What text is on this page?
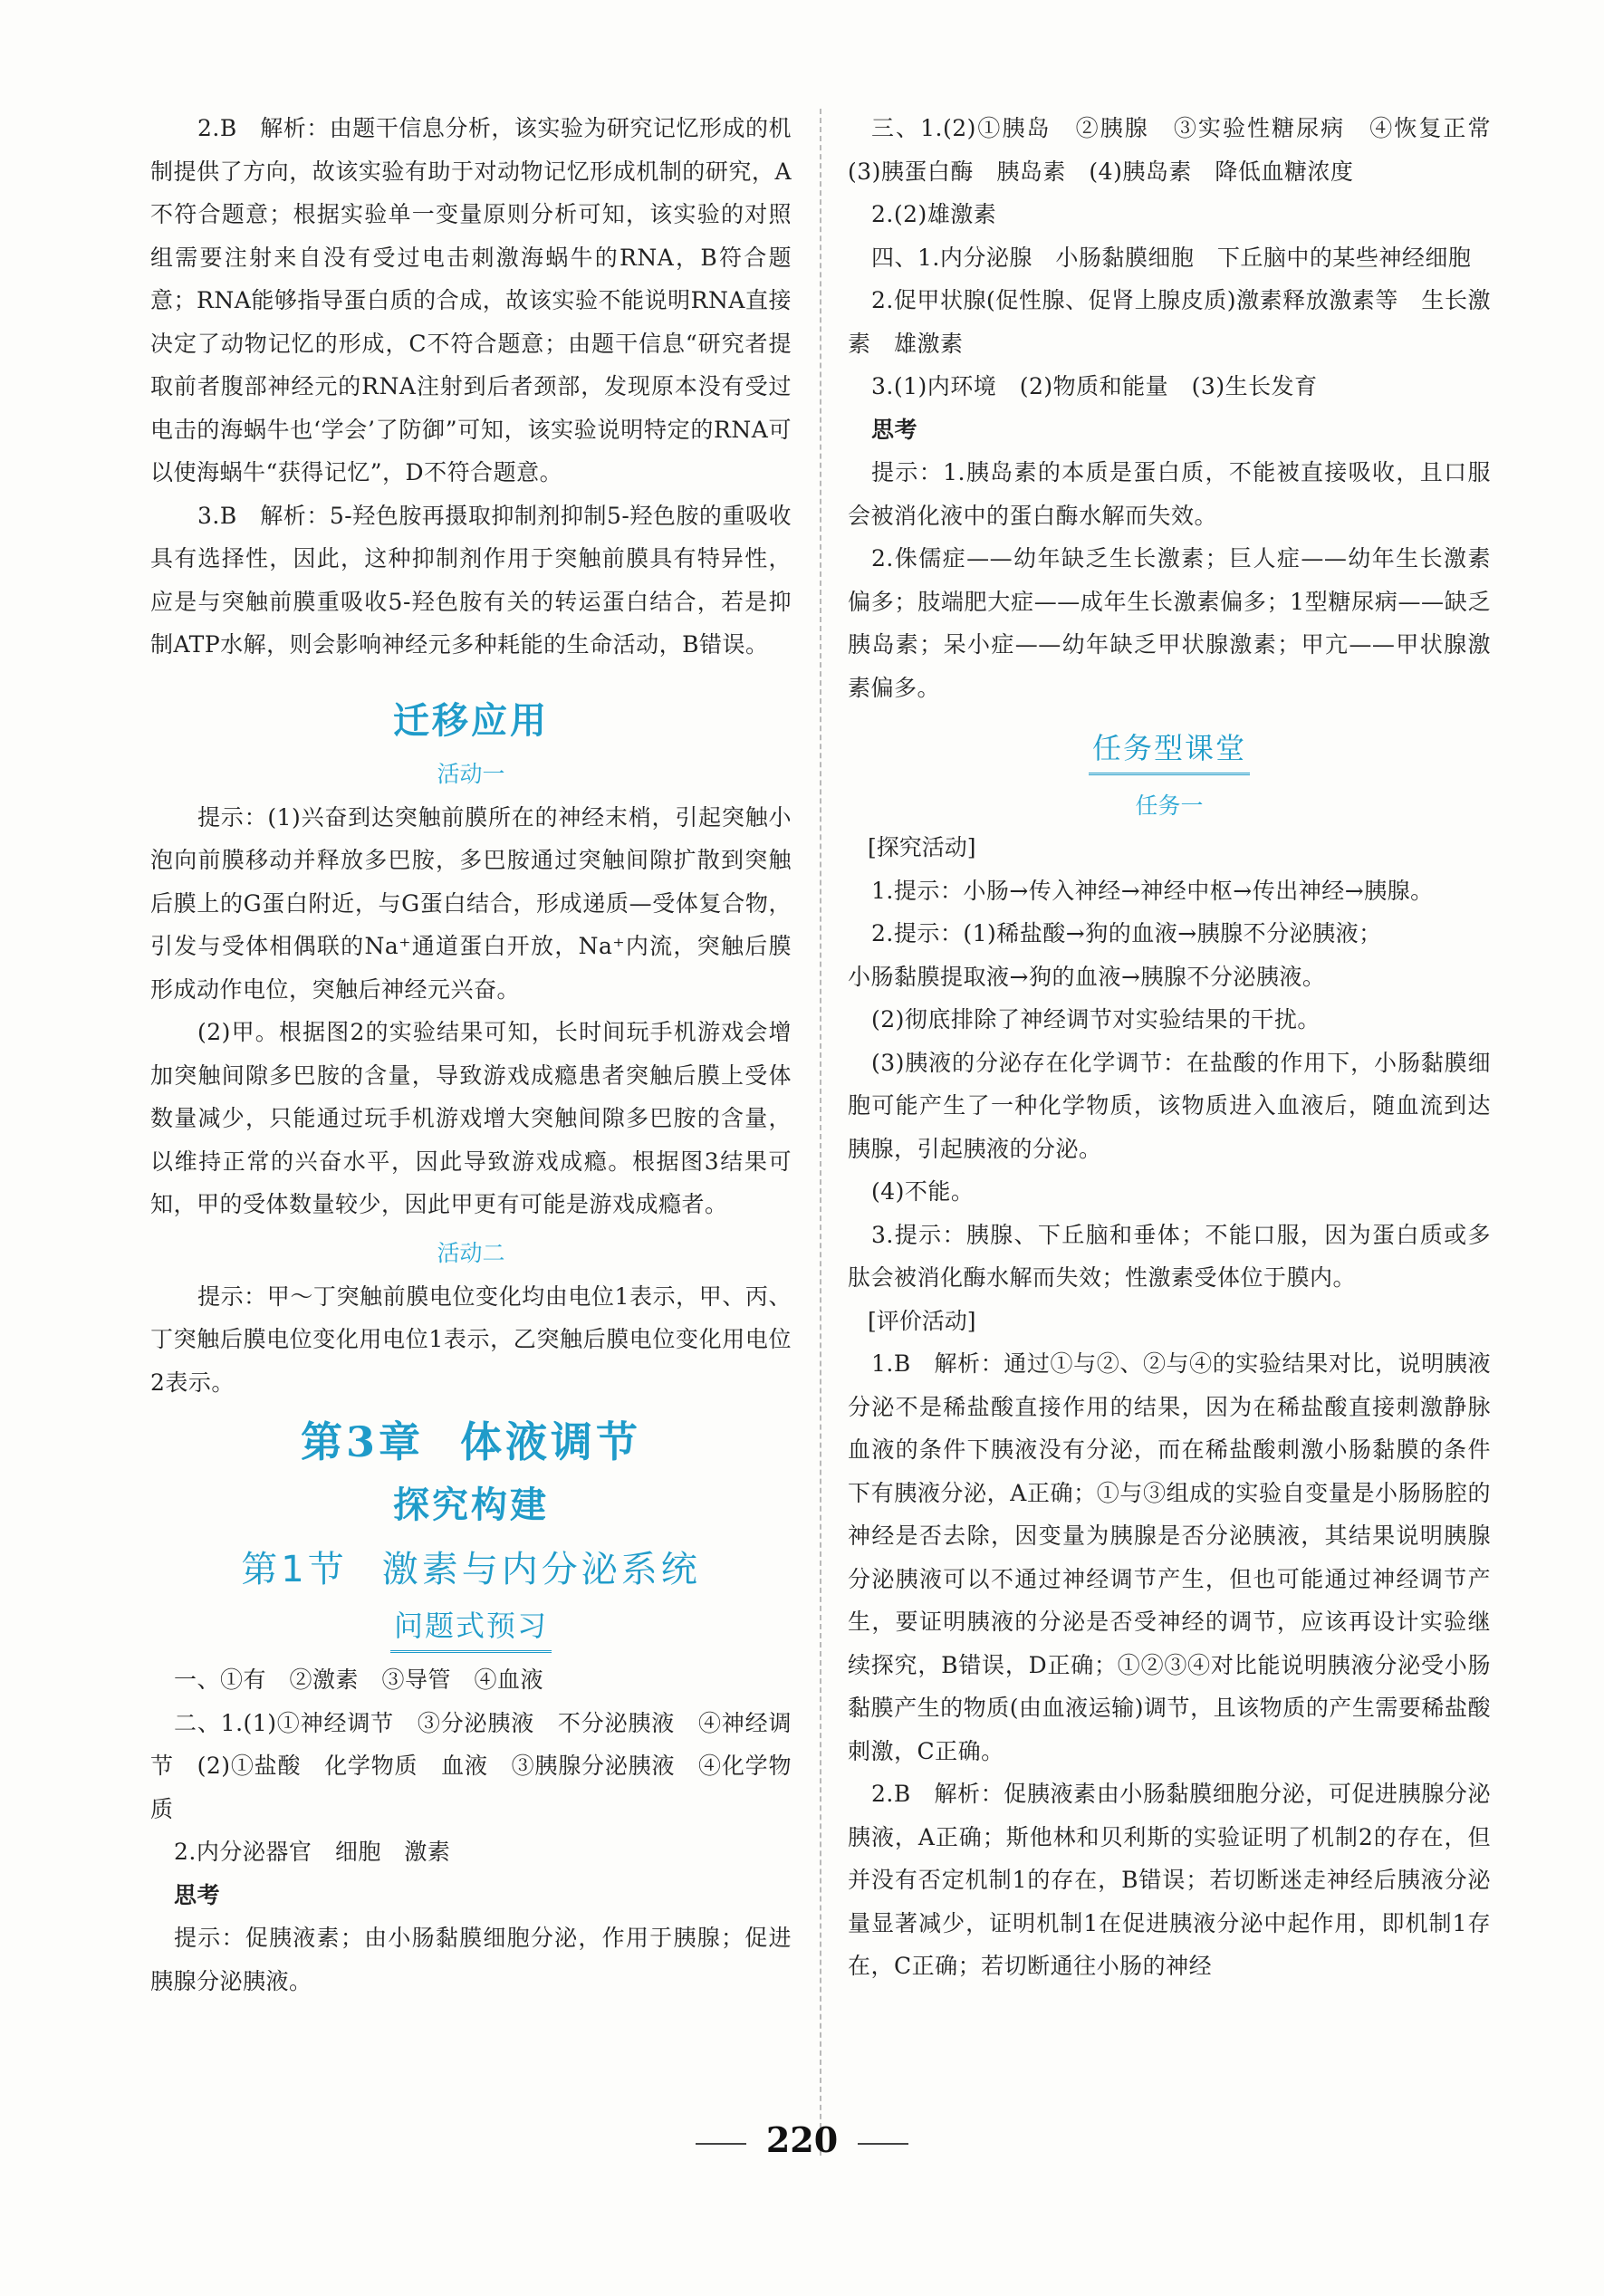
2.B　解析：由题干信息分析，该实验为研究记忆形成的机制提供了方向，故该实验有助于对动物记忆形成机制的研究，A不符合题意；根据实验单一变量原则分析可知，该实验的对照组需要注射来自没有受过电击刺激海蜗牛的RNA，B符合题意；RNA能够指导蛋白质的合成，故该实验不能说明RNA直接决定了动物记忆的形成，C不符合题意；由题干信息“研究者提取前者腹部神经元的RNA注射到后者颈部，发现原本没有受过电击的海蜗牛也‘学会’了防御”可知，该实验说明特定的RNA可以使海蜗牛“获得记忆”，D不符合题意。

3.B　解析：5-羟色胺再摄取抑制剂抑制5-羟色胺的重吸收具有选择性，因此，这种抑制剂作用于突触前膜具有特异性，应是与突触前膜重吸收5-羟色胺有关的转运蛋白结合，若是抑制ATP水解，则会影响神经元多种耗能的生命活动，B错误。

迁移应用

活动一

提示：(1)兴奋到达突触前膜所在的神经末梢，引起突触小泡向前膜移动并释放多巴胺，多巴胺通过突触间隙扩散到突触后膜上的G蛋白附近，与G蛋白结合，形成递质—受体复合物，引发与受体相偶联的Na⁺通道蛋白开放，Na⁺内流，突触后膜形成动作电位，突触后神经元兴奋。

(2)甲。根据图2的实验结果可知，长时间玩手机游戏会增加突触间隙多巴胺的含量，导致游戏成瘾患者突触后膜上受体数量减少，只能通过玩手机游戏增大突触间隙多巴胺的含量，以维持正常的兴奋水平，因此导致游戏成瘾。根据图3结果可知，甲的受体数量较少，因此甲更有可能是游戏成瘾者。

活动二

提示：甲～丁突触前膜电位变化均由电位1表示，甲、丙、丁突触后膜电位变化用电位1表示，乙突触后膜电位变化用电位2表示。

第3章 体液调节

探究构建

第1节 激素与内分泌系统

问题式预习

一、①有　②激素　③导管　④血液

二、1.(1)①神经调节　③分泌胰液　不分泌胰液　④神经调节　(2)①盐酸　化学物质　血液　③胰腺分泌胰液　④化学物质

2.内分泌器官　细胞　激素

思考

提示：促胰液素；由小肠黏膜细胞分泌，作用于胰腺；促进胰腺分泌胰液。

三、1.(2)①胰岛　②胰腺　③实验性糖尿病　④恢复正常　(3)胰蛋白酶　胰岛素　(4)胰岛素　降低血糖浓度

2.(2)雄激素

四、1.内分泌腺　小肠黏膜细胞　下丘脑中的某些神经细胞

2.促甲状腺(促性腺、促肾上腺皮质)激素释放激素等　生长激素　雄激素

3.(1)内环境　(2)物质和能量　(3)生长发育

思考

提示：1.胰岛素的本质是蛋白质，不能被直接吸收，且口服会被消化液中的蛋白酶水解而失效。

2.侏儒症——幼年缺乏生长激素；巨人症——幼年生长激素偏多；肢端肥大症——成年生长激素偏多；1型糖尿病——缺乏胰岛素；呆小症——幼年缺乏甲状腺激素；甲亢——甲状腺激素偏多。

任务型课堂

任务一

[探究活动]

1.提示：小肠→传入神经→神经中枢→传出神经→胰腺。

2.提示：(1)稀盐酸→狗的血液→胰腺不分泌胰液；

小肠黏膜提取液→狗的血液→胰腺不分泌胰液。

(2)彻底排除了神经调节对实验结果的干扰。

(3)胰液的分泌存在化学调节：在盐酸的作用下，小肠黏膜细胞可能产生了一种化学物质，该物质进入血液后，随血流到达胰腺，引起胰液的分泌。

(4)不能。

3.提示：胰腺、下丘脑和垂体；不能口服，因为蛋白质或多肽会被消化酶水解而失效；性激素受体位于膜内。

[评价活动]

1.B　解析：通过①与②、②与④的实验结果对比，说明胰液分泌不是稀盐酸直接作用的结果，因为在稀盐酸直接刺激静脉血液的条件下胰液没有分泌，而在稀盐酸刺激小肠黏膜的条件下有胰液分泌，A正确；①与③组成的实验自变量是小肠肠腔的神经是否去除，因变量为胰腺是否分泌胰液，其结果说明胰腺分泌胰液可以不通过神经调节产生，但也可能通过神经调节产生，要证明胰液的分泌是否受神经的调节，应该再设计实验继续探究，B错误，D正确；①②③④对比能说明胰液分泌受小肠黏膜产生的物质(由血液运输)调节，且该物质的产生需要稀盐酸刺激，C正确。

2.B　解析：促胰液素由小肠黏膜细胞分泌，可促进胰腺分泌胰液，A正确；斯他林和贝利斯的实验证明了机制2的存在，但并没有否定机制1的存在，B错误；若切断迷走神经后胰液分泌量显著减少，证明机制1在促进胰液分泌中起作用，即机制1存在，C正确；若切断通往小肠的神经

220
